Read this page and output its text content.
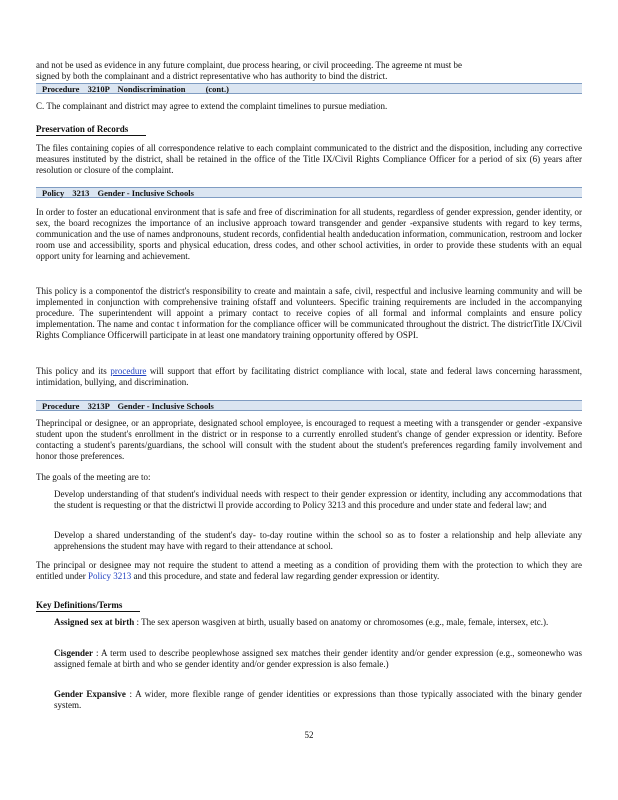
and not be used as evidence in any future complaint, due process hearing, or civil proceeding. The agreeme nt must be

signed by both the complainant and a district representative who has authority to bind the district.

Procedure 3210P Nondiscrimination (cont.)

C. The complainant and district may agree to extend the complaint timelines to pursue mediation.

Preservation of Records

The files containing copies of all correspondence relative to each complaint communicated to the district and the disposition, including any corrective measures instituted by the district, shall be retained in the office of the Title IX/Civil Rights Compliance Officer for a period of six (6) years after resolution or closure of the complaint.

Policy 3213 Gender - Inclusive Schools

In order to foster an educational environment that is safe and free of discrimination for all students, regardless of gender expression, gender identity, or sex, the board recognizes the importance of an inclusive approach toward transgender and gender -expansive students with regard to key terms, communication and the use of names andpronouns, student records, confidential health andeducation information, communication, restroom and locker room use and accessibility, sports and physical education, dress codes, and other school activities, in order to provide these students with an equal opport unity for learning and achievement.

This policy is a componentof the district's responsibility to create and maintain a safe, civil, respectful and inclusive learning community and will be implemented in conjunction with comprehensive training ofstaff and volunteers. Specific training requirements are included in the accompanying procedure. The superintendent will appoint a primary contact to receive copies of all formal and informal complaints and ensure policy implementation. The name and contac t information for the compliance officer will be communicated throughout the district. The districtTitle IX/Civil Rights Compliance Officerwill participate in at least one mandatory training opportunity offered by OSPI.

This policy and its procedure will support that effort by facilitating district compliance with local, state and federal laws concerning harassment, intimidation, bullying, and discrimination.

Procedure 3213P Gender - Inclusive Schools

Theprincipal or designee, or an appropriate, designated school employee, is encouraged to request a meeting with a transgender or gender -expansive student upon the student's enrollment in the district or in response to a currently enrolled student's change of gender expression or identity. Before contacting a student's parents/guardians, the school will consult with the student about the student's preferences regarding family involvement and honor those preferences.

The goals of the meeting are to:

Develop understanding of that student's individual needs with respect to their gender expression or identity, including any accommodations that the student is requesting or that the districtwi ll provide according to Policy 3213 and this procedure and under state and federal law; and
Develop a shared understanding of the student's day- to-day routine within the school so as to foster a relationship and help alleviate any apprehensions the student may have with regard to their attendance at school.

The principal or designee may not require the student to attend a meeting as a condition of providing them with the protection to which they are entitled under Policy 3213 and this procedure, and state and federal law regarding gender expression or identity.

Key Definitions/Terms
Assigned sex at birth : The sex aperson wasgiven at birth, usually based on anatomy or chromosomes (e.g., male, female, intersex, etc.).
Cisgender : A term used to describe peoplewhose assigned sex matches their gender identity and/or gender expression (e.g., someonewho was assigned female at birth and who se gender identity and/or gender expression is also female.)
Gender Expansive : A wider, more flexible range of gender identities or expressions than those typically associated with the binary gender system.
52
